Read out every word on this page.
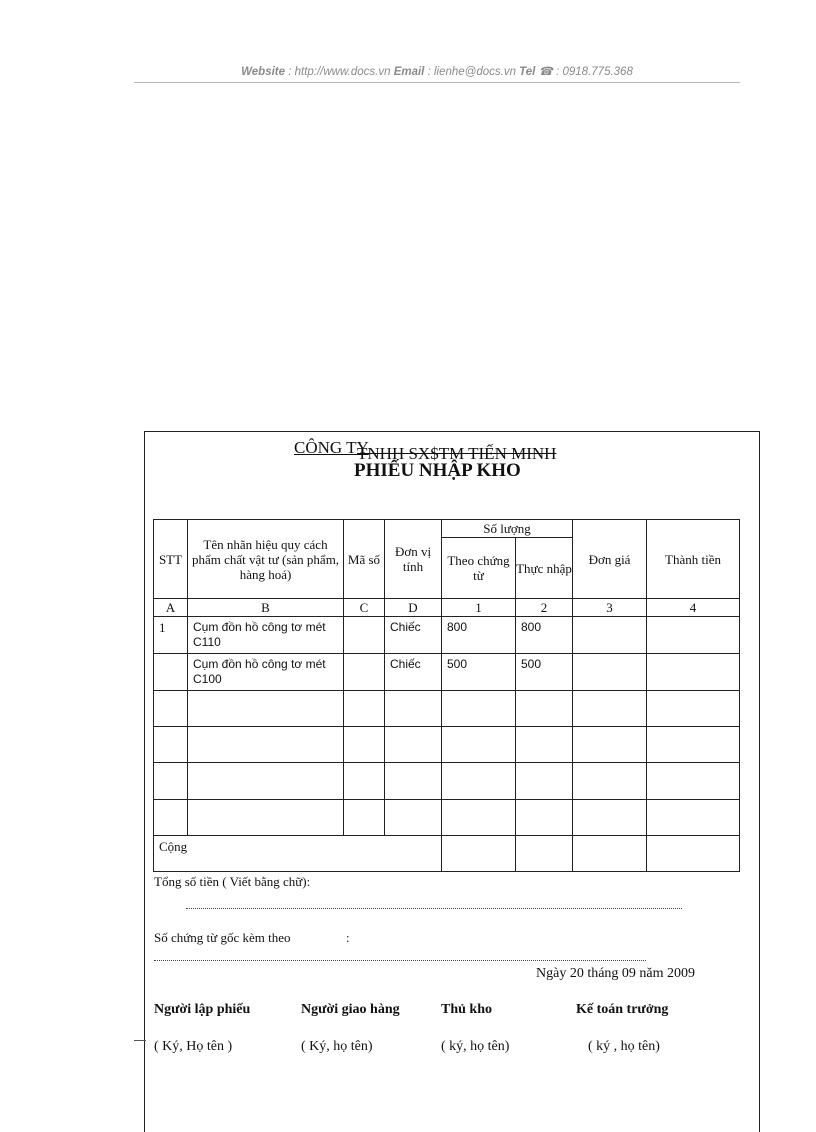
Website : http://www.docs.vn Email : lienhe@docs.vn Tel ☎ : 0918.775.368
CÔNG TY
TNHH SX$TM TIẾN MINH
PHIẾU NHẬP KHO
STT	Tên nhãn hiệu quy cách phẩm chất vật tư (sản phẩm, hàng hoá)	Mã số	Đơn vị tính	Số lượng		Đơn giá	Thành tiền
				Theo chứng từ	Thực nhập		
A	B	C	D	1	2	3	4
1	Cụm đồn hồ công tơ mét C110		Chiếc	800	800		
	Cụm đồn hồ công tơ mét C100		Chiếc	500	500		

Cộng							
Tổng số tiền ( Viết bằng chữ):
Số chứng từ gốc kèm theo	:
Ngày 20 tháng 09 năm 2009
Người lập phiếu	Người giao hàng	Thủ kho	Kế toán trưởng
( Ký, Họ tên )	( Ký, họ tên)	( ký, họ tên)	( ký , họ tên)
